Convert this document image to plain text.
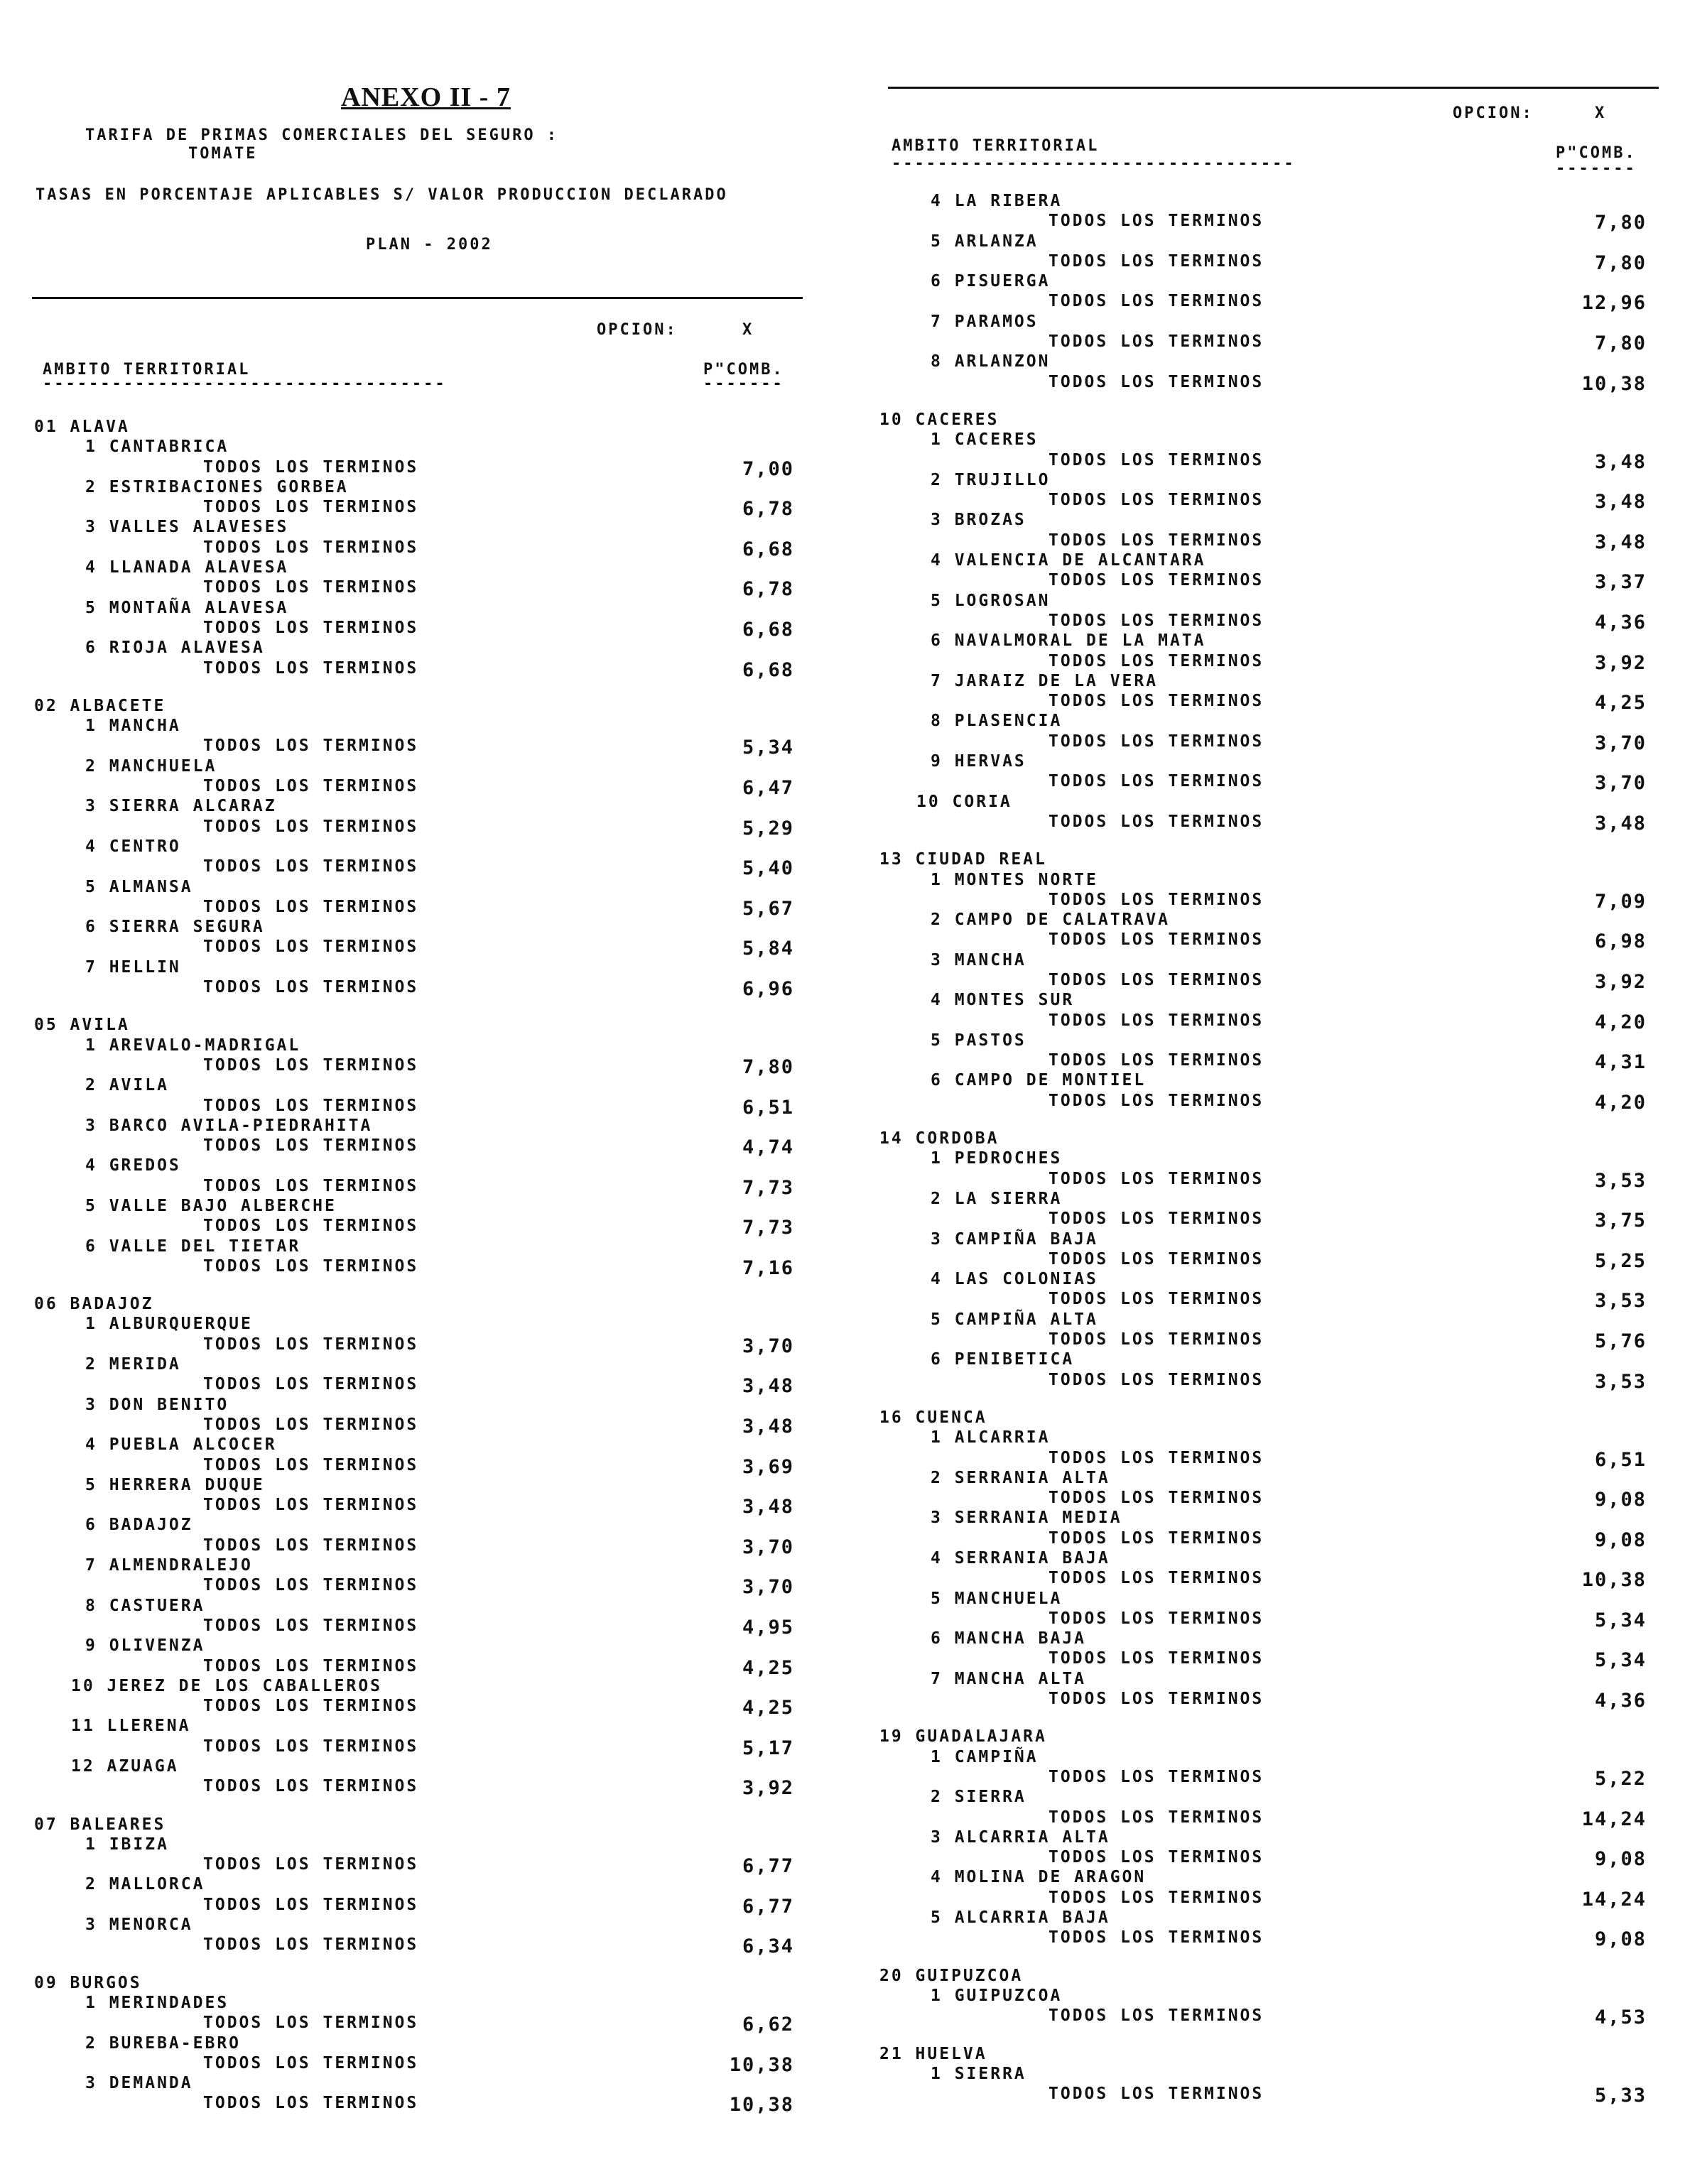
ANEXO II - 7
TARIFA DE PRIMAS COMERCIALES DEL SEGURO :
TOMATE
TASAS EN PORCENTAJE APLICABLES S/ VALOR PRODUCCION DECLARADO
PLAN - 2002
OPCION:	X
AMBITO TERRITORIAL
-----------------------------------
P"COMB.
-------
OPCION:	X
AMBITO TERRITORIAL
-----------------------------------
P"COMB.
-------
01 ALAVA
1 CANTABRICA
TODOS LOS TERMINOS	7,00
2 ESTRIBACIONES GORBEA
TODOS LOS TERMINOS	6,78
3 VALLES ALAVESES
TODOS LOS TERMINOS	6,68
4 LLANADA ALAVESA
TODOS LOS TERMINOS	6,78
5 MONTAÑA ALAVESA
TODOS LOS TERMINOS	6,68
6 RIOJA ALAVESA
TODOS LOS TERMINOS	6,68
02 ALBACETE
1 MANCHA
TODOS LOS TERMINOS	5,34
2 MANCHUELA
TODOS LOS TERMINOS	6,47
3 SIERRA ALCARAZ
TODOS LOS TERMINOS	5,29
4 CENTRO
TODOS LOS TERMINOS	5,40
5 ALMANSA
TODOS LOS TERMINOS	5,67
6 SIERRA SEGURA
TODOS LOS TERMINOS	5,84
7 HELLIN
TODOS LOS TERMINOS	6,96
05 AVILA
1 AREVALO-MADRIGAL
TODOS LOS TERMINOS	7,80
2 AVILA
TODOS LOS TERMINOS	6,51
3 BARCO AVILA-PIEDRAHITA
TODOS LOS TERMINOS	4,74
4 GREDOS
TODOS LOS TERMINOS	7,73
5 VALLE BAJO ALBERCHE
TODOS LOS TERMINOS	7,73
6 VALLE DEL TIETAR
TODOS LOS TERMINOS	7,16
06 BADAJOZ
1 ALBURQUERQUE
TODOS LOS TERMINOS	3,70
2 MERIDA
TODOS LOS TERMINOS	3,48
3 DON BENITO
TODOS LOS TERMINOS	3,48
4 PUEBLA ALCOCER
TODOS LOS TERMINOS	3,69
5 HERRERA DUQUE
TODOS LOS TERMINOS	3,48
6 BADAJOZ
TODOS LOS TERMINOS	3,70
7 ALMENDRALEJO
TODOS LOS TERMINOS	3,70
8 CASTUERA
TODOS LOS TERMINOS	4,95
9 OLIVENZA
TODOS LOS TERMINOS	4,25
10 JEREZ DE LOS CABALLEROS
TODOS LOS TERMINOS	4,25
11 LLERENA
TODOS LOS TERMINOS	5,17
12 AZUAGA
TODOS LOS TERMINOS	3,92
07 BALEARES
1 IBIZA
TODOS LOS TERMINOS	6,77
2 MALLORCA
TODOS LOS TERMINOS	6,77
3 MENORCA
TODOS LOS TERMINOS	6,34
09 BURGOS
1 MERINDADES
TODOS LOS TERMINOS	6,62
2 BUREBA-EBRO
TODOS LOS TERMINOS	10,38
3 DEMANDA
TODOS LOS TERMINOS	10,38
4 LA RIBERA
TODOS LOS TERMINOS	7,80
5 ARLANZA
TODOS LOS TERMINOS	7,80
6 PISUERGA
TODOS LOS TERMINOS	12,96
7 PARAMOS
TODOS LOS TERMINOS	7,80
8 ARLANZON
TODOS LOS TERMINOS	10,38
10 CACERES
1 CACERES
TODOS LOS TERMINOS	3,48
2 TRUJILLO
TODOS LOS TERMINOS	3,48
3 BROZAS
TODOS LOS TERMINOS	3,48
4 VALENCIA DE ALCANTARA
TODOS LOS TERMINOS	3,37
5 LOGROSAN
TODOS LOS TERMINOS	4,36
6 NAVALMORAL DE LA MATA
TODOS LOS TERMINOS	3,92
7 JARAIZ DE LA VERA
TODOS LOS TERMINOS	4,25
8 PLASENCIA
TODOS LOS TERMINOS	3,70
9 HERVAS
TODOS LOS TERMINOS	3,70
10 CORIA
TODOS LOS TERMINOS	3,48
13 CIUDAD REAL
1 MONTES NORTE
TODOS LOS TERMINOS	7,09
2 CAMPO DE CALATRAVA
TODOS LOS TERMINOS	6,98
3 MANCHA
TODOS LOS TERMINOS	3,92
4 MONTES SUR
TODOS LOS TERMINOS	4,20
5 PASTOS
TODOS LOS TERMINOS	4,31
6 CAMPO DE MONTIEL
TODOS LOS TERMINOS	4,20
14 CORDOBA
1 PEDROCHES
TODOS LOS TERMINOS	3,53
2 LA SIERRA
TODOS LOS TERMINOS	3,75
3 CAMPIÑA BAJA
TODOS LOS TERMINOS	5,25
4 LAS COLONIAS
TODOS LOS TERMINOS	3,53
5 CAMPIÑA ALTA
TODOS LOS TERMINOS	5,76
6 PENIBETICA
TODOS LOS TERMINOS	3,53
16 CUENCA
1 ALCARRIA
TODOS LOS TERMINOS	6,51
2 SERRANIA ALTA
TODOS LOS TERMINOS	9,08
3 SERRANIA MEDIA
TODOS LOS TERMINOS	9,08
4 SERRANIA BAJA
TODOS LOS TERMINOS	10,38
5 MANCHUELA
TODOS LOS TERMINOS	5,34
6 MANCHA BAJA
TODOS LOS TERMINOS	5,34
7 MANCHA ALTA
TODOS LOS TERMINOS	4,36
19 GUADALAJARA
1 CAMPIÑA
TODOS LOS TERMINOS	5,22
2 SIERRA
TODOS LOS TERMINOS	14,24
3 ALCARRIA ALTA
TODOS LOS TERMINOS	9,08
4 MOLINA DE ARAGON
TODOS LOS TERMINOS	14,24
5 ALCARRIA BAJA
TODOS LOS TERMINOS	9,08
20 GUIPUZCOA
1 GUIPUZCOA
TODOS LOS TERMINOS	4,53
21 HUELVA
1 SIERRA
TODOS LOS TERMINOS	5,33
